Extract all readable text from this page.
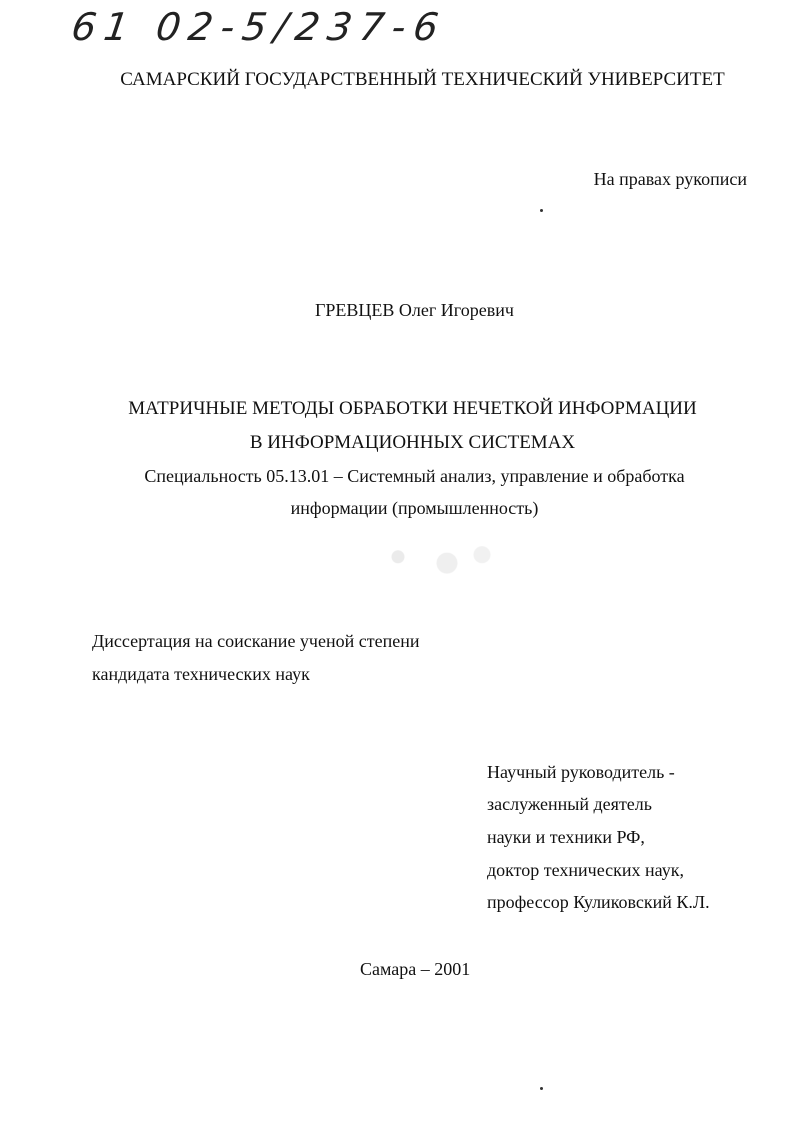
61 02-5/237-6
САМАРСКИЙ ГОСУДАРСТВЕННЫЙ ТЕХНИЧЕСКИЙ УНИВЕРСИТЕТ
На правах рукописи
ГРЕВЦЕВ Олег Игоревич
МАТРИЧНЫЕ МЕТОДЫ ОБРАБОТКИ НЕЧЕТКОЙ ИНФОРМАЦИИ
В ИНФОРМАЦИОННЫХ СИСТЕМАХ
Специальность 05.13.01 – Системный анализ, управление и обработка
информации (промышленность)
Диссертация на соискание ученой степени
кандидата технических наук
Научный руководитель -
заслуженный деятель
науки и техники РФ,
доктор технических наук,
профессор Куликовский К.Л.
Самара – 2001
